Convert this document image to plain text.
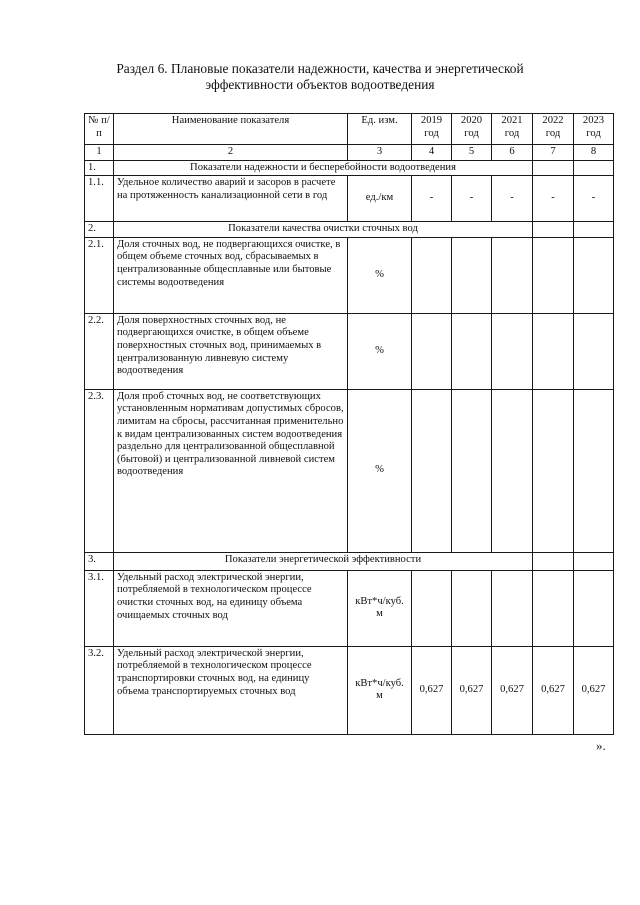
Раздел 6. Плановые показатели надежности, качества и энергетической
эффективности объектов водоотведения
№ п/п	Наименование показателя	Ед. изм.	2019 год	2020 год	2021 год	2022 год	2023 год
1	2	3	4	5	6	7	8
1.	Показатели надежности и бесперебойности водоотведения						
1.1.	Удельное количество аварий и засоров в расчете на протяженность канализационной сети в год	ед./км	-	-	-	-	-
2.	Показатели качества очистки сточных вод						
2.1.	Доля сточных вод, не подвергающихся очистке, в общем объеме сточных вод, сбрасываемых в централизованные общесплавные или бытовые системы водоотведения	%					
2.2.	Доля поверхностных сточных вод, не подвергающихся очистке, в общем объеме поверхностных сточных вод, принимаемых в централизованную ливневую систему водоотведения	%					
2.3.	Доля проб сточных вод, не соответствующих установленным нормативам допустимых сбросов, лимитам на сбросы, рассчитанная применительно к видам централизованных систем водоотведения раздельно для централизованной общесплавной (бытовой) и централизованной ливневой систем водоотведения	%					
3.	Показатели энергетической эффективности						
3.1.	Удельный расход электрической энергии, потребляемой в технологическом процессе очистки сточных вод, на единицу объема очищаемых сточных вод	кВт*ч/куб. м					
3.2.	Удельный расход электрической энергии, потребляемой в технологическом процессе транспортировки сточных вод, на единицу объема транспортируемых сточных вод	кВт*ч/куб. м	0,627	0,627	0,627	0,627	0,627
».
